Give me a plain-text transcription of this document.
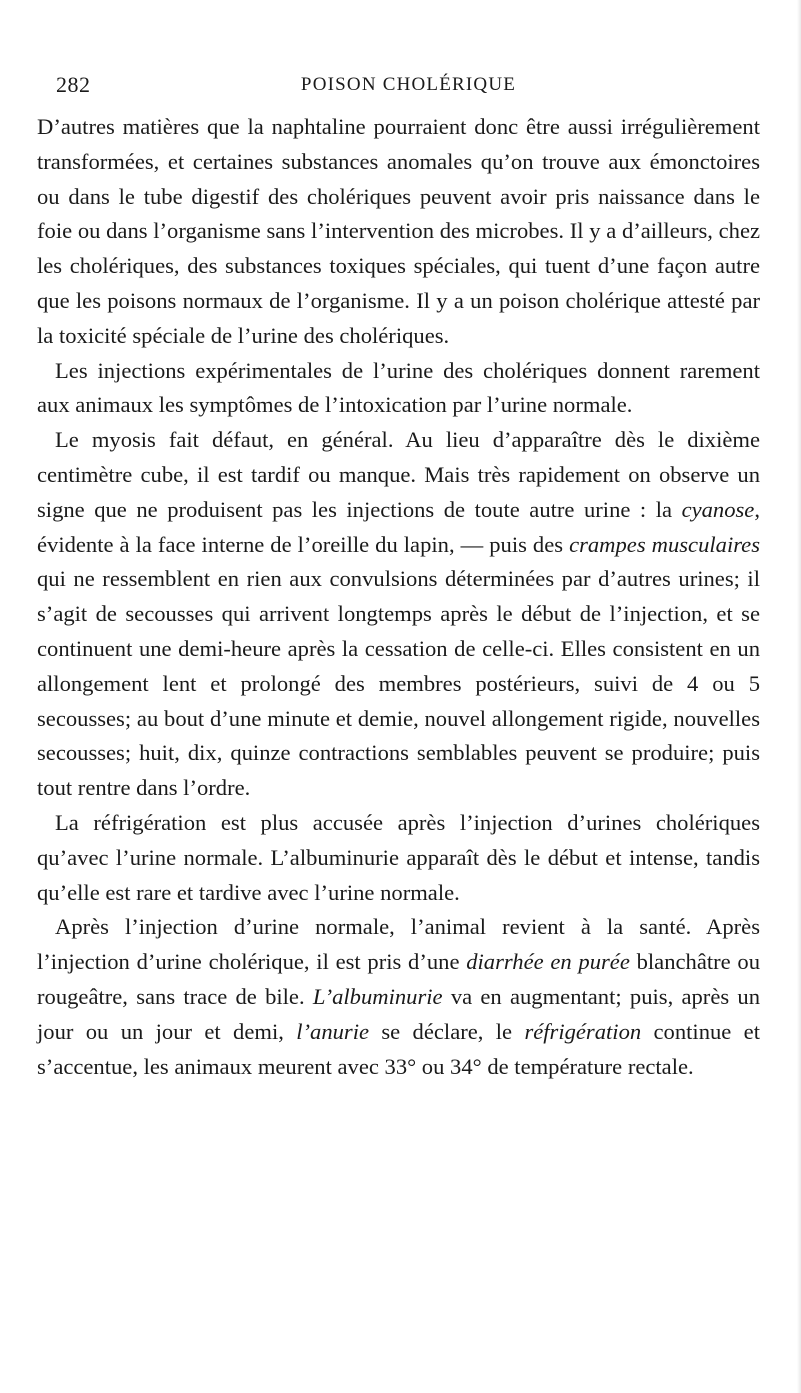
282	POISON CHOLÉRIQUE

D’autres matières que la naphtaline pourraient donc être aussi irrégulièrement transformées, et certaines substances anomales qu’on trouve aux émonctoires ou dans le tube digestif des cholériques peuvent avoir pris naissance dans le foie ou dans l’organisme sans l’intervention des microbes. Il y a d’ailleurs, chez les cholériques, des substances toxiques spéciales, qui tuent d’une façon autre que les poisons normaux de l’organisme. Il y a un poison cholérique attesté par la toxicité spéciale de l’urine des cholériques.

Les injections expérimentales de l’urine des cholériques donnent rarement aux animaux les symptômes de l’intoxication par l’urine normale.

Le myosis fait défaut, en général. Au lieu d’apparaître dès le dixième centimètre cube, il est tardif ou manque. Mais très rapidement on observe un signe que ne produisent pas les injections de toute autre urine : la cyanose, évidente à la face interne de l’oreille du lapin, — puis des crampes musculaires qui ne ressemblent en rien aux convulsions déterminées par d’autres urines; il s’agit de secousses qui arrivent longtemps après le début de l’injection, et se continuent une demi-heure après la cessation de celle-ci. Elles consistent en un allongement lent et prolongé des membres postérieurs, suivi de 4 ou 5 secousses; au bout d’une minute et demie, nouvel allongement rigide, nouvelles secousses; huit, dix, quinze contractions semblables peuvent se produire; puis tout rentre dans l’ordre.

La réfrigération est plus accusée après l’injection d’urines cholériques qu’avec l’urine normale. L’albuminurie apparaît dès le début et intense, tandis qu’elle est rare et tardive avec l’urine normale.

Après l’injection d’urine normale, l’animal revient à la santé. Après l’injection d’urine cholérique, il est pris d’une diarrhée en purée blanchâtre ou rougeâtre, sans trace de bile. L’albuminurie va en augmentant; puis, après un jour ou un jour et demi, l’anurie se déclare, le réfrigération continue et s’accentue, les animaux meurent avec 33° ou 34° de température rectale.
